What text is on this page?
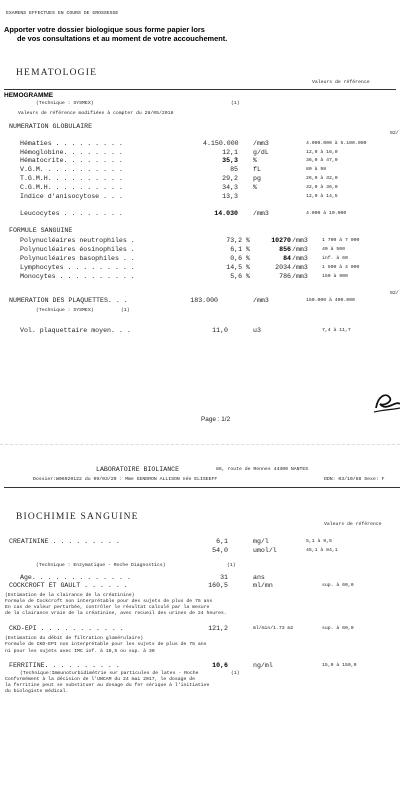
EXAMENS EFFECTUES EN COURS DE GROSSESSE
Apporter votre dossier biologique sous forme papier lors
de vos consultations et au moment de votre accouchement.
HEMATOLOGIE
Valeurs de référence
HEMOGRAMME
(Technique : SYSMEX)	(1)
Valeurs de référence modifiées à compter du 28/05/2018
NUMERATION GLOBULAIRE
02/
Hématies . . . . . . . . .	4.150.000 /mm3	4.000.000 à 5.100.000
Hémoglobine. . . . . . . .	12,1 g/dL	12,0 à 16,0
Hématocrite. . . . . . . .	35,3 %	36,0 à 47,0
V.G.M. . . . . . . . . . .	85 fL	80 à 98
T.G.M.H. . . . . . . . . .	29,2 pg	26,0 à 32,0
C.G.M.H. . . . . . . . . .	34,3 %	32,0 à 36,0
Indice d'anisocytose . . .	13,3	12,0 à 14,5
Leucocytes . . . . . . . .	14.030 /mm3	4.000 à 10.000
FORMULE SANGUINE
Polynucléaires neutrophiles .	73,2 %	10270 /mm3	1 700 à 7 000
Polynucléaires éosinophiles .	6,1 %	856 /mm3	40 à 500
Polynucléaires basophiles . .	0,6 %	84 /mm3	inf. à 60
Lymphocytes . . . . . . . . .	14,5 %	2034 /mm3	1 500 à 4 000
Monocytes . . . . . . . . . .	5,6 %	786 /mm3	150 à 900
02/
NUMERATION DES PLAQUETTES. . .	183.000	/mm3	150.000 à 400.000
(Technique : SYSMEX)	(1)
Vol. plaquettaire moyen. . .	11,0	u3	7,4 à 11,7
Page : 1/2
LABORATOIRE BIOLIANCE	88, route de Rennes 44300 NANTES
Dossier:W06929122 du 09/03/20 : Mme GENDRON ALLISON née ELISEEFF	DDN: 03/10/88 Sexe: F
BIOCHIMIE SANGUINE
Valeurs de référence
CREATININE . . . . . . . . .	6,1	mg/l	5,1 à 9,5
54,0	umol/l	45,1 à 84,1
(Technique : Enzymatique - Roche Diagnostics)	(1)
Age. . . . . . . . . . . . .	31	ans
COCKCROFT ET GAULT . . . . . .	160,5	ml/mn	sup. à 60,0
(Estimation de la clairance de la créatinine)
Formule de Cockcroft non interprétable pour des sujets de plus de 75 ans
En cas de valeur perturbée, contrôler le résultat calculé par la mesure
de la clairance vraie de la créatinine, avec recueil des urines de 24 heures.
CKD-EPI . . . . . . . . . . .	121,2	ml/min/1.73 m2	sup. à 60,0
(Estimation du débit de filtration glomérulaire)
Formule de CKD-EPI non interprétable pour les sujets de plus de 75 ans
ni pour les sujets avec IMC inf. à 18,5 ou sup. à 30
FERRITINE. . . . . . . . . .	10,6	ng/ml	15,0 à 150,0
(Technique:Immunoturbidimétrie sur particules de latex - Roche	(1)
Conformément à la décision de l'UNCAM du 24 mai 2017, le dosage de
la ferritine peut se substituer au dosage du fer sérique à l'initiative
du biologiste médical.
